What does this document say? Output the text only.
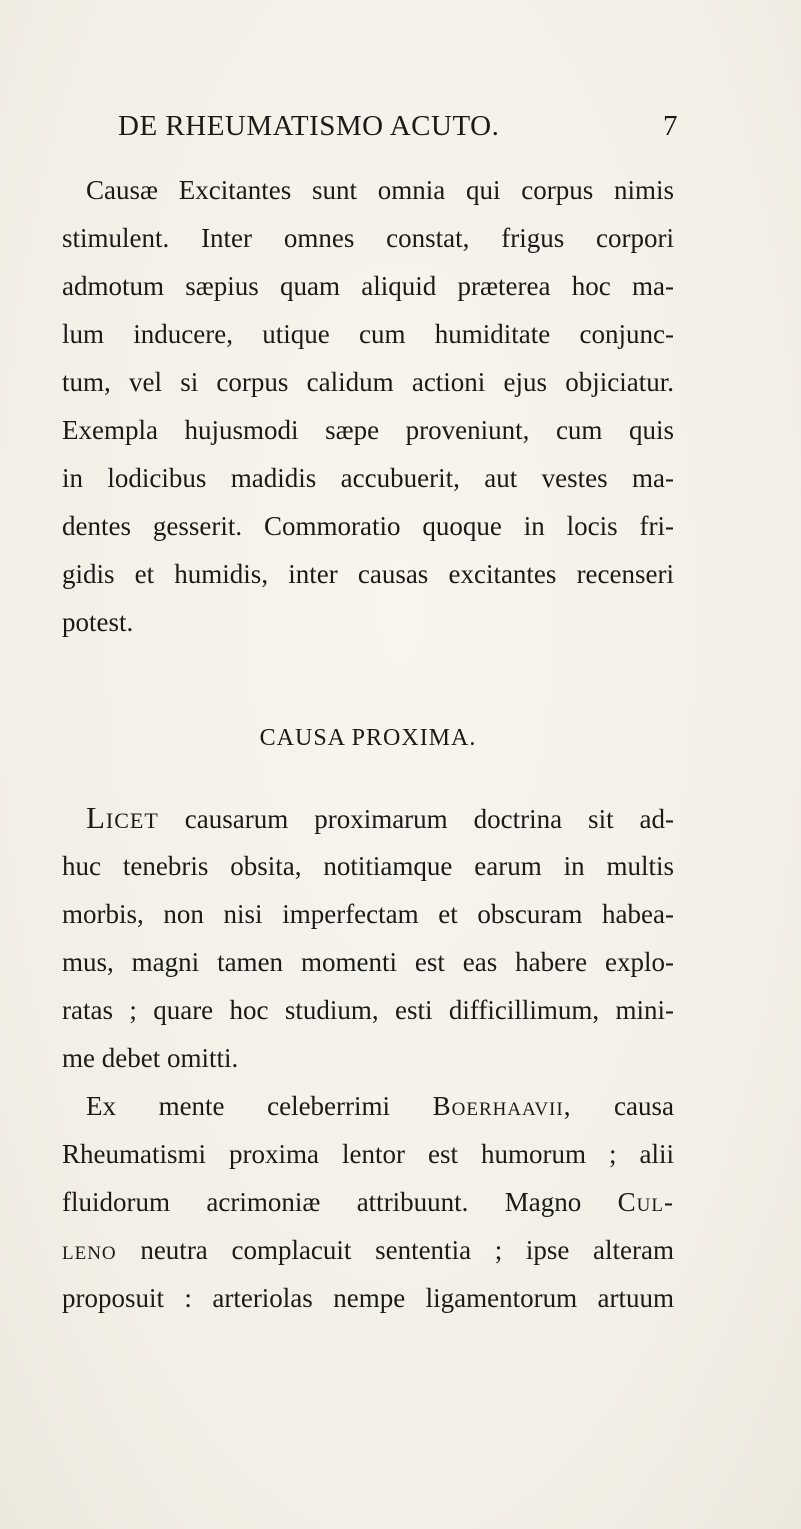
DE RHEUMATISMO ACUTO.	7
Causæ Excitantes sunt omnia qui corpus nimis
stimulent. Inter omnes constat, frigus corpori
admotum sæpius quam aliquid præterea hoc ma-
lum inducere, utique cum humiditate conjunc-
tum, vel si corpus calidum actioni ejus objiciatur.
Exempla hujusmodi sæpe proveniunt, cum quis
in lodicibus madidis accubuerit, aut vestes ma-
dentes gesserit. Commoratio quoque in locis fri-
gidis et humidis, inter causas excitantes recenseri
potest.
CAUSA PROXIMA.
Licet causarum proximarum doctrina sit ad-
huc tenebris obsita, notitiamque earum in multis
morbis, non nisi imperfectam et obscuram habea-
mus, magni tamen momenti est eas habere explo-
ratas ; quare hoc studium, esti difficillimum, mini-
me debet omitti.
Ex mente celeberrimi Boerhaavii, causa
Rheumatismi proxima lentor est humorum ; alii
fluidorum acrimoniæ attribuunt. Magno Cul-
leno neutra complacuit sententia ; ipse alteram
proposuit : arteriolas nempe ligamentorum artuum
